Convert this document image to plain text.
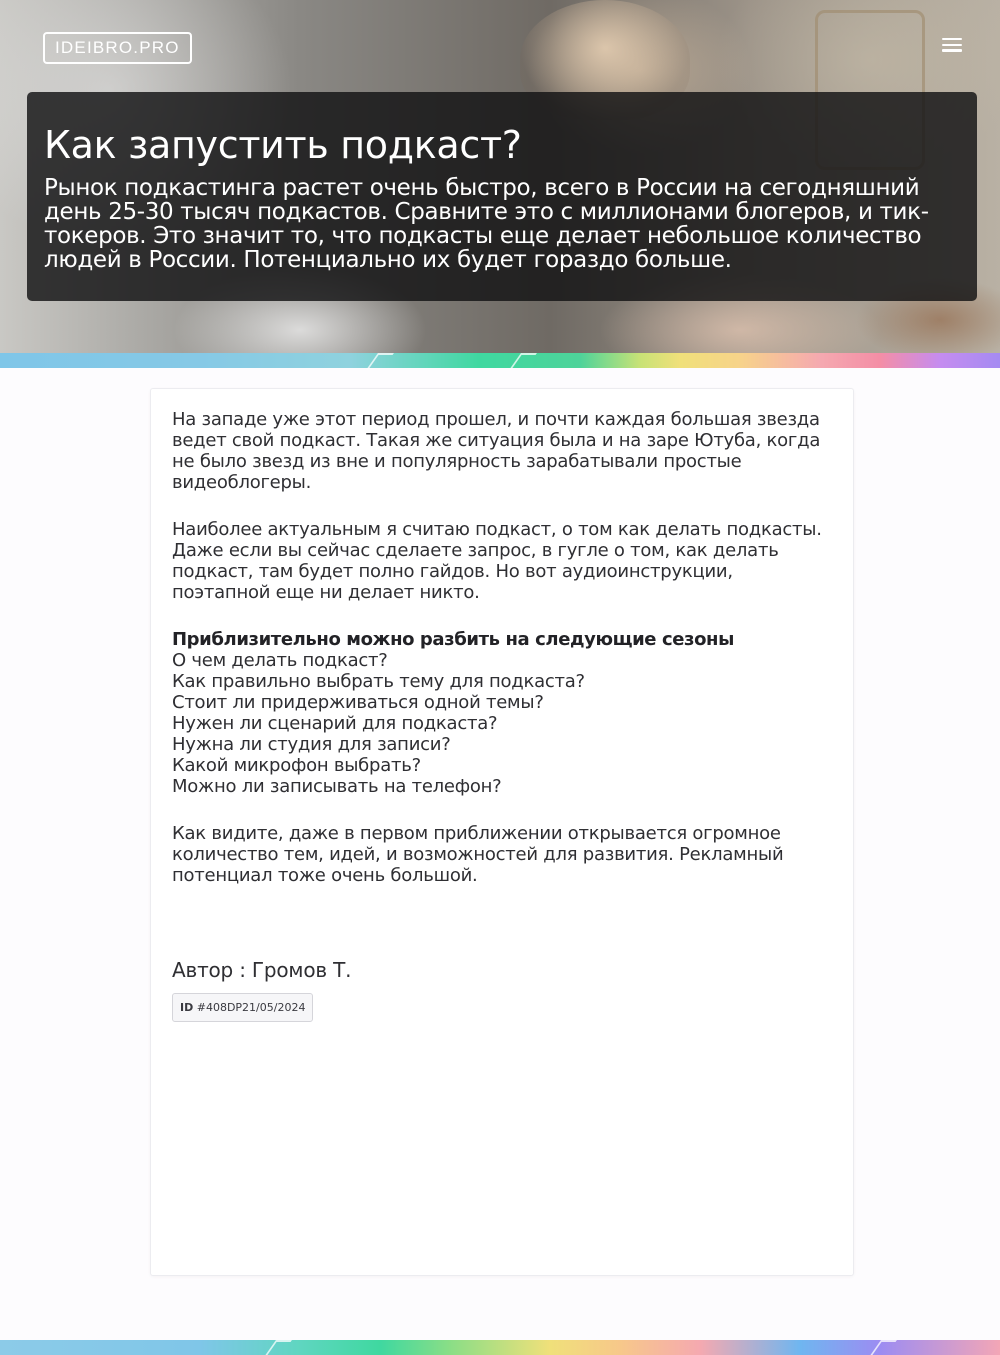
IDEIBRO.PRO
Как запустить подкаст?

Рынок подкастинга растет очень быстро, всего в России на сегодняшний день 25-30 тысяч подкастов. Сравните это с миллионами блогеров, и тик-токеров. Это значит то, что подкасты еще делает небольшое количество людей в России. Потенциально их будет гораздо больше.

На западе уже этот период прошел, и почти каждая большая звезда ведет свой подкаст. Такая же ситуация была и на заре Ютуба, когда не было звезд из вне и популярность зарабатывали простые видеоблогеры.

Наиболее актуальным я считаю подкаст, о том как делать подкасты. Даже если вы сейчас сделаете запрос, в гугле о том, как делать подкаст, там будет полно гайдов. Но вот аудиоинструкции, поэтапной еще ни делает никто.

Приблизительно можно разбить на следующие сезоны
О чем делать подкаст?
Как правильно выбрать тему для подкаста?
Стоит ли придерживаться одной темы?
Нужен ли сценарий для подкаста?
Нужна ли студия для записи?
Какой микрофон выбрать?
Можно ли записывать на телефон?

Как видите, даже в первом приближении открывается огромное количество тем, идей, и возможностей для развития. Рекламный потенциал тоже очень большой.

Автор : Громов Т.
ID #408DP21/05/2024
